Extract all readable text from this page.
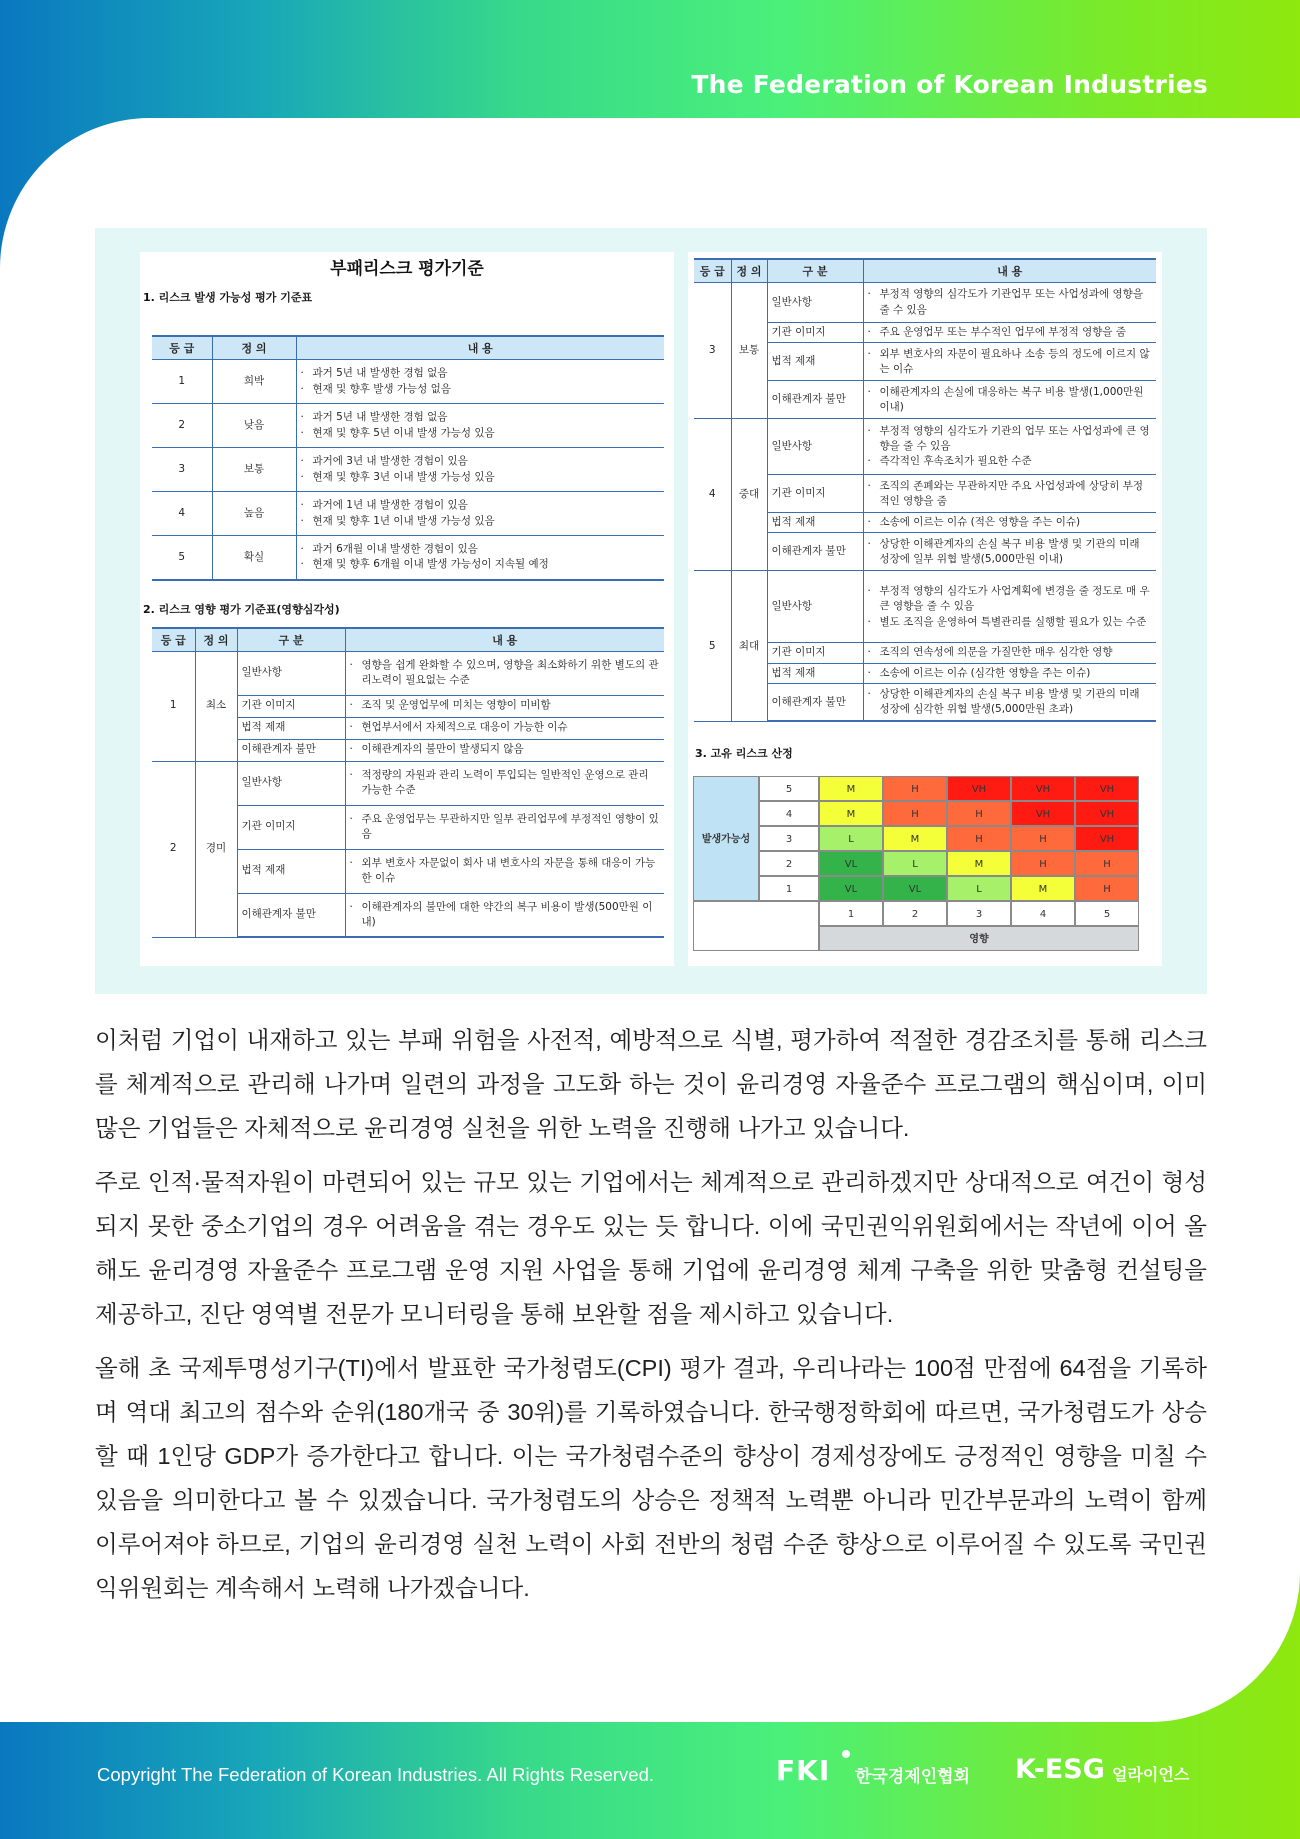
The Federation of Korean Industries
부패리스크 평가기준
1. 리스크 발생 가능성 평가 기준표
등 급	정 의	내 용
1	희박	· 과거 5년 내 발생한 경험 없음
· 현재 및 향후 발생 가능성 없음

2	낮음	· 과거 5년 내 발생한 경험 없음
· 현재 및 향후 5년 이내 발생 가능성 있음

3	보통	· 과거에 3년 내 발생한 경험이 있음
· 현재 및 향후 3년 이내 발생 가능성 있음

4	높음	· 과거에 1년 내 발생한 경험이 있음
· 현재 및 향후 1년 이내 발생 가능성 있음

5	확실	· 과거 6개월 이내 발생한 경험이 있음
· 현재 및 향후 6개월 이내 발생 가능성이 지속될 예정
2. 리스크 영향 평가 기준표(영향심각성)
등 급	정 의	구 분	내 용
1	최소	일반사항	· 영향을 쉽게 완화할 수 있으며, 영향을 최소화하기 위한 별도의 관리노력이 필요없는 수준

		기관 이미지	· 조직 및 운영업무에 미치는 영향이 미비함

		법적 제재	· 현업부서에서 자체적으로 대응이 가능한 이슈

		이해관계자 불만	· 이해관계자의 불만이 발생되지 않음

2	경미	일반사항	· 적정량의 자원과 관리 노력이 투입되는 일반적인 운영으로 관리 가능한 수준

		기관 이미지	· 주요 운영업무는 무관하지만 일부 관리업무에 부정적인 영향이 있음

		법적 제재	· 외부 변호사 자문없이 회사 내 변호사의 자문을 통해 대응이 가능한 이슈

		이해관계자 불만	· 이해관계자의 불만에 대한 약간의 복구 비용이 발생(500만원 이내)
등 급	정 의	구 분	내 용
3	보통	일반사항	· 부정적 영향의 심각도가 기관업무 또는 사업성과에 영향을 줄 수 있음

		기관 이미지	· 주요 운영업무 또는 부수적인 업무에 부정적 영향을 줌

		법적 제재	· 외부 변호사의 자문이 필요하나 소송 등의 정도에 이르지 않는 이슈

		이해관계자 불만	· 이해관계자의 손실에 대응하는 복구 비용 발생(1,000만원 이내)

4	중대	일반사항	· 부정적 영향의 심각도가 기관의 업무 또는 사업성과에 큰 영향을 줄 수 있음
· 즉각적인 후속조치가 필요한 수준

		기관 이미지	· 조직의 존폐와는 무관하지만 주요 사업성과에 상당히 부정적인 영향을 줌

		법적 제재	· 소송에 이르는 이슈 (적은 영향을 주는 이슈)

		이해관계자 불만	· 상당한 이해관계자의 손실 복구 비용 발생 및 기관의 미래 성장에 일부 위협 발생(5,000만원 이내)

5	최대	일반사항	· 부정적 영향의 심각도가 사업계획에 변경을 줄 정도로 매 우 큰 영향을 줄 수 있음
· 별도 조직을 운영하여 특별관리를 실행할 필요가 있는 수준

		기관 이미지	· 조직의 연속성에 의문을 가질만한 매우 심각한 영향

		법적 제재	· 소송에 이르는 이슈 (심각한 영향을 주는 이슈)

		이해관계자 불만	· 상당한 이해관계자의 손실 복구 비용 발생 및 기관의 미래 성장에 심각한 위협 발생(5,000만원 초과)
3. 고유 리스크 산정
발생가능성
5	M	H	VH	VH	VH
4	M	H	H	VH	VH
3	L	M	H	H	VH
2	VL	L	M	H	H
1	VL	VL	L	M	H
1	2	3	4	5
영향
이처럼 기업이 내재하고 있는 부패 위험을 사전적, 예방적으로 식별, 평가하여 적절한 경감조치를 통해 리스크를 체계적으로 관리해 나가며 일련의 과정을 고도화 하는 것이 윤리경영 자율준수 프로그램의 핵심이며, 이미 많은 기업들은 자체적으로 윤리경영 실천을 위한 노력을 진행해 나가고 있습니다.
주로 인적·물적자원이 마련되어 있는 규모 있는 기업에서는 체계적으로 관리하겠지만 상대적으로 여건이 형성되지 못한 중소기업의 경우 어려움을 겪는 경우도 있는 듯 합니다. 이에 국민권익위원회에서는 작년에 이어 올해도 윤리경영 자율준수 프로그램 운영 지원 사업을 통해 기업에 윤리경영 체계 구축을 위한 맞춤형 컨설팅을 제공하고, 진단 영역별 전문가 모니터링을 통해 보완할 점을 제시하고 있습니다.
올해 초 국제투명성기구(TI)에서 발표한 국가청렴도(CPI) 평가 결과, 우리나라는 100점 만점에 64점을 기록하며 역대 최고의 점수와 순위(180개국 중 30위)를 기록하였습니다. 한국행정학회에 따르면, 국가청렴도가 상승할 때 1인당 GDP가 증가한다고 합니다. 이는 국가청렴수준의 향상이 경제성장에도 긍정적인 영향을 미칠 수 있음을 의미한다고 볼 수 있겠습니다. 국가청렴도의 상승은 정책적 노력뿐 아니라 민간부문과의 노력이 함께 이루어져야 하므로, 기업의 윤리경영 실천 노력이 사회 전반의 청렴 수준 향상으로 이루어질 수 있도록 국민권익위원회는 계속해서 노력해 나가겠습니다.
Copyright The Federation of Korean Industries. All Rights Reserved.	FKI 한국경제인협회 K-ESG 얼라이언스
